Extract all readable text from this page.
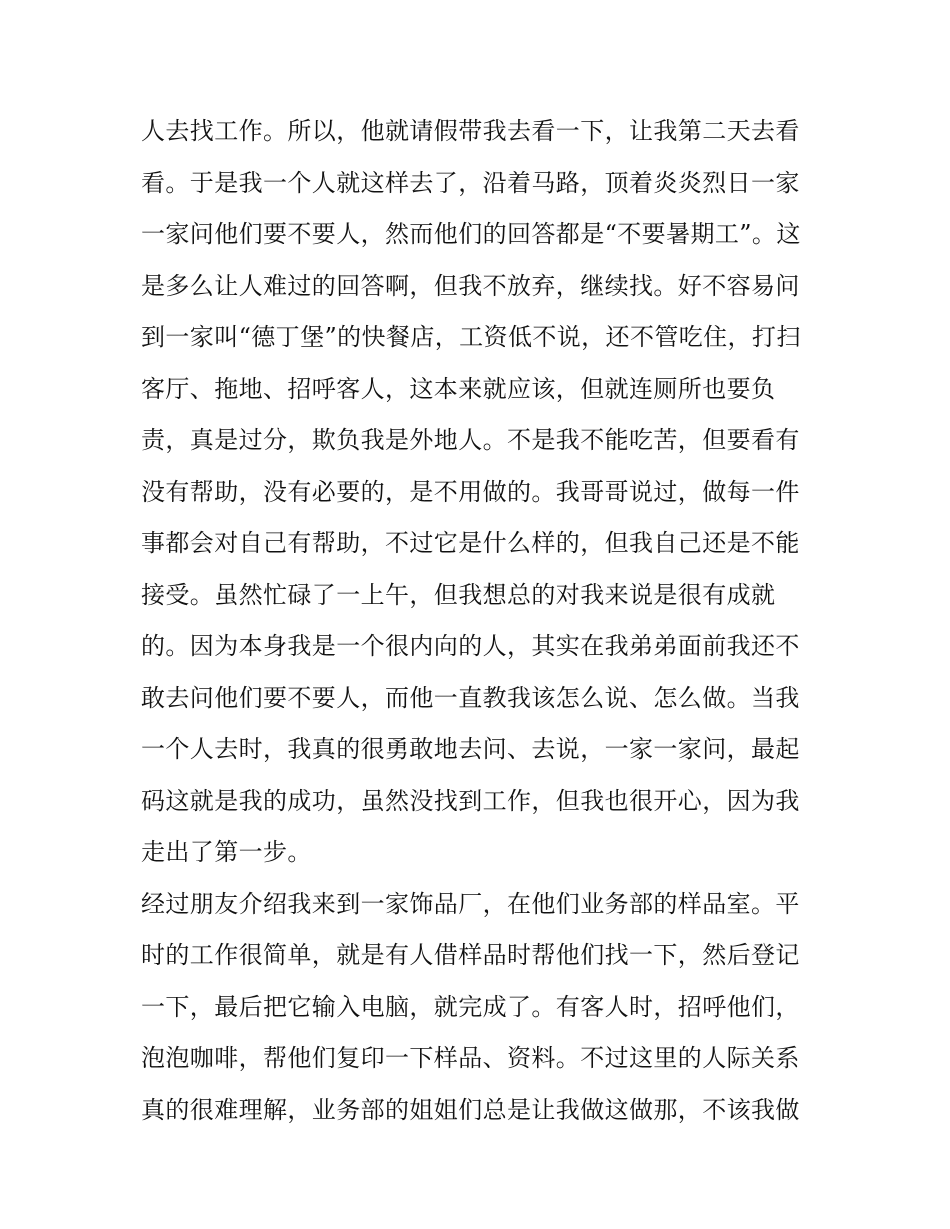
人去找工作。所以，他就请假带我去看一下，让我第二天去看
看。于是我一个人就这样去了，沿着马路，顶着炎炎烈日一家
一家问他们要不要人，然而他们的回答都是“不要暑期工”。这
是多么让人难过的回答啊，但我不放弃，继续找。好不容易问
到一家叫“德丁堡”的快餐店，工资低不说，还不管吃住，打扫
客厅、拖地、招呼客人，这本来就应该，但就连厕所也要负
责，真是过分，欺负我是外地人。不是我不能吃苦，但要看有
没有帮助，没有必要的，是不用做的。我哥哥说过，做每一件
事都会对自己有帮助，不过它是什么样的，但我自己还是不能
接受。虽然忙碌了一上午，但我想总的对我来说是很有成就
的。因为本身我是一个很内向的人，其实在我弟弟面前我还不
敢去问他们要不要人，而他一直教我该怎么说、怎么做。当我
一个人去时，我真的很勇敢地去问、去说，一家一家问，最起
码这就是我的成功，虽然没找到工作，但我也很开心，因为我
走出了第一步。
经过朋友介绍我来到一家饰品厂，在他们业务部的样品室。平
时的工作很简单，就是有人借样品时帮他们找一下，然后登记
一下，最后把它输入电脑，就完成了。有客人时，招呼他们，
泡泡咖啡，帮他们复印一下样品、资料。不过这里的人际关系
真的很难理解，业务部的姐姐们总是让我做这做那，不该我做
